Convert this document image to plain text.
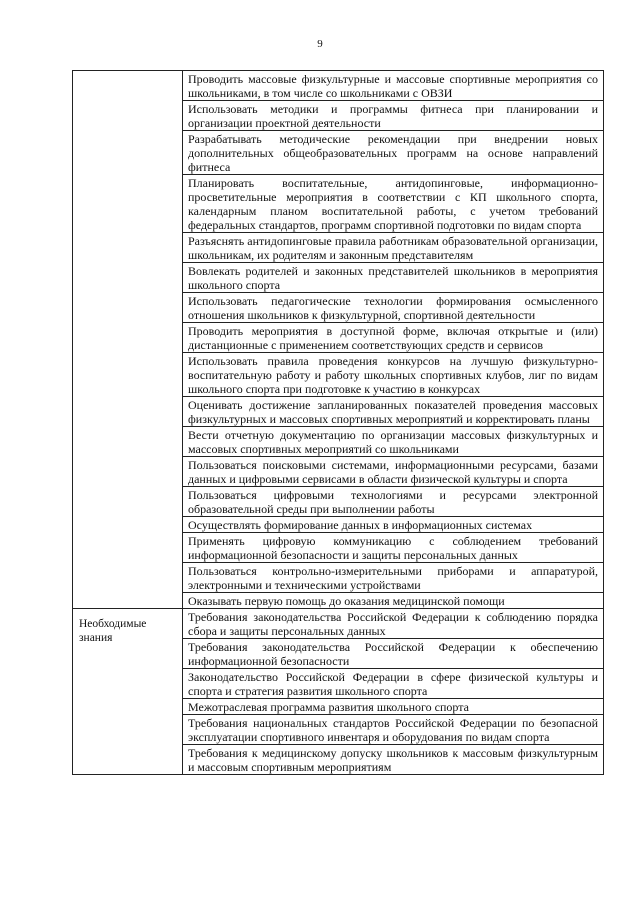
9
Проводить массовые физкультурные и массовые спортивные мероприятия со школьниками, в том числе со школьниками с ОВЗИ
Использовать методики и программы фитнеса при планировании и организации проектной деятельности
Разрабатывать методические рекомендации при внедрении новых дополнительных общеобразовательных программ на основе направлений фитнеса
Планировать воспитательные, антидопинговые, информационно-просветительные мероприятия в соответствии с КП школьного спорта, календарным планом воспитательной работы, с учетом требований федеральных стандартов, программ спортивной подготовки по видам спорта
Разъяснять антидопинговые правила работникам образовательной организации, школьникам, их родителям и законным представителям
Вовлекать родителей и законных представителей школьников в мероприятия школьного спорта
Использовать педагогические технологии формирования осмысленного отношения школьников к физкультурной, спортивной деятельности
Проводить мероприятия в доступной форме, включая открытые и (или) дистанционные с применением соответствующих средств и сервисов
Использовать правила проведения конкурсов на лучшую физкультурно-воспитательную работу и работу школьных спортивных клубов, лиг по видам школьного спорта при подготовке к участию в конкурсах
Оценивать достижение запланированных показателей проведения массовых физкультурных и массовых спортивных мероприятий и корректировать планы
Вести отчетную документацию по организации массовых физкультурных и массовых спортивных мероприятий со школьниками
Пользоваться поисковыми системами, информационными ресурсами, базами данных и цифровыми сервисами в области физической культуры и спорта
Пользоваться цифровыми технологиями и ресурсами электронной образовательной среды при выполнении работы
Осуществлять формирование данных в информационных системах
Применять цифровую коммуникацию с соблюдением требований информационной безопасности и защиты персональных данных
Пользоваться контрольно-измерительными приборами и аппаратурой, электронными и техническими устройствами
Оказывать первую помощь до оказания медицинской помощи
Необходимые знания
Требования законодательства Российской Федерации к соблюдению порядка сбора и защиты персональных данных
Требования законодательства Российской Федерации к обеспечению информационной безопасности
Законодательство Российской Федерации в сфере физической культуры и спорта и стратегия развития школьного спорта
Межотраслевая программа развития школьного спорта
Требования национальных стандартов Российской Федерации по безопасной эксплуатации спортивного инвентаря и оборудования по видам спорта
Требования к медицинскому допуску школьников к массовым физкультурным и массовым спортивным мероприятиям
